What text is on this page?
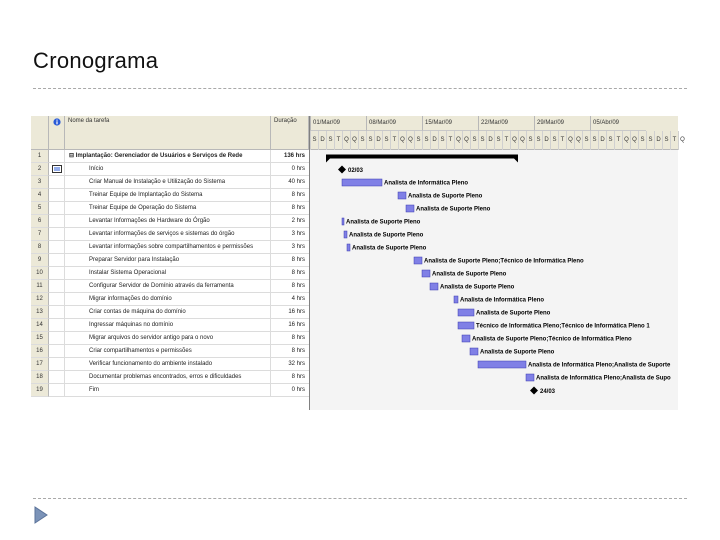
Cronograma
Nome da tarefa	Duração
1	⊟ Implantação: Gerenciador de Usuários e Serviços de Rede	136 hrs
2	Início	0 hrs
3	Criar Manual de Instalação e Utilização do Sistema	40 hrs
4	Treinar Equipe de Implantação do Sistema	8 hrs
5	Treinar Equipe de Operação do Sistema	8 hrs
6	Levantar Informações de Hardware do Órgão	2 hrs
7	Levantar informações de serviços e sistemas do órgão	3 hrs
8	Levantar informações sobre compartilhamentos e permissões	3 hrs
9	Preparar Servidor para Instalação	8 hrs
10	Instalar Sistema Operacional	8 hrs
11	Configurar Servidor de Domínio através da ferramenta	8 hrs
12	Migrar informações do domínio	4 hrs
13	Criar contas de máquina do domínio	16 hrs
14	Ingressar máquinas no domínio	16 hrs
15	Migrar arquivos do servidor antigo para o novo	8 hrs
16	Criar compartilhamentos e permissões	8 hrs
17	Verificar funcionamento do ambiente instalado	32 hrs
18	Documentar problemas encontrados, erros e dificuldades	8 hrs
19	Fim	0 hrs
01/Mar/09	08/Mar/09	15/Mar/09	22/Mar/09	29/Mar/09	05/Abr/09
S D S T Q Q S S D S T Q Q S S D S T Q Q S S D S T Q Q S S D S T Q Q S S D S T Q Q S S D S T Q
02/03
Analista de Informática Pleno
Analista de Suporte Pleno
Analista de Suporte Pleno
Analista de Suporte Pleno
Analista de Suporte Pleno
Analista de Suporte Pleno
Analista de Suporte Pleno;Técnico de Informática Pleno
Analista de Suporte Pleno
Analista de Suporte Pleno
Analista de Informática Pleno
Analista de Suporte Pleno
Técnico de Informática Pleno;Técnico de Informática Pleno 1
Analista de Suporte Pleno;Técnico de Informática Pleno
Analista de Suporte Pleno
Analista de Informática Pleno;Analista de Suporte
Analista de Informática Pleno;Analista de Supo
24/03
